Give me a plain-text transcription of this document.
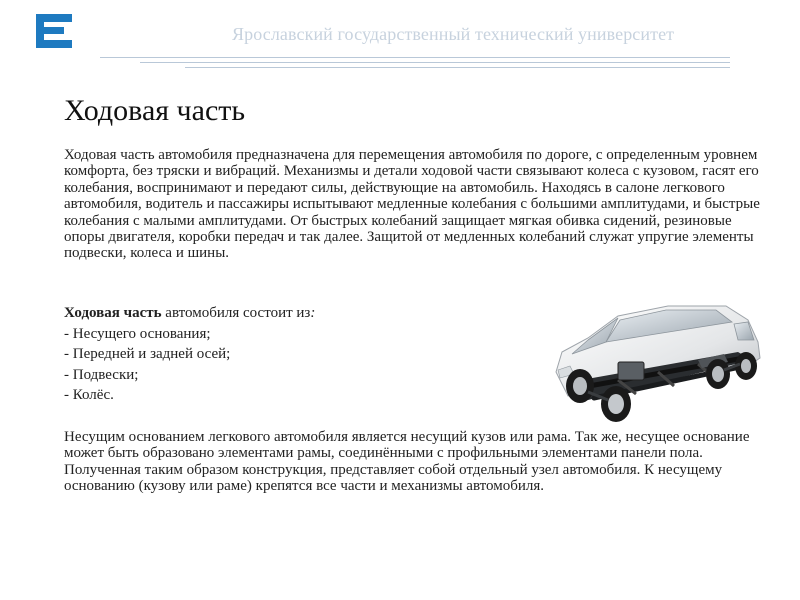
Ярославский государственный технический университет
Ходовая часть

Ходовая часть автомобиля предназначена для перемещения автомобиля по дороге, с определенным уровнем комфорта, без тряски и вибраций. Механизмы и детали ходовой части связывают колеса с кузовом, гасят его колебания, воспринимают и передают силы, действующие на автомобиль. Находясь в салоне легкового автомобиля, водитель и пассажиры испытывают медленные колебания с большими амплитудами, и быстрые колебания с малыми амплитудами. От быстрых колебаний защищает мягкая обивка сидений, резиновые опоры двигателя, коробки передач и так далее. Защитой от медленных колебаний служат упругие элементы подвески, колеса и шины.

Ходовая часть автомобиля состоит из:
- Несущего основания;
- Передней и задней осей;
- Подвески;
- Колёс.

Несущим основанием легкового автомобиля является несущий кузов или рама. Так же, несущее основание может быть образовано элементами рамы, соединёнными с профильными элементами панели пола. Полученная таким образом конструкция, представляет собой отдельный узел автомобиля. К несущему основанию (кузову или раме) крепятся все части и механизмы автомобиля.
